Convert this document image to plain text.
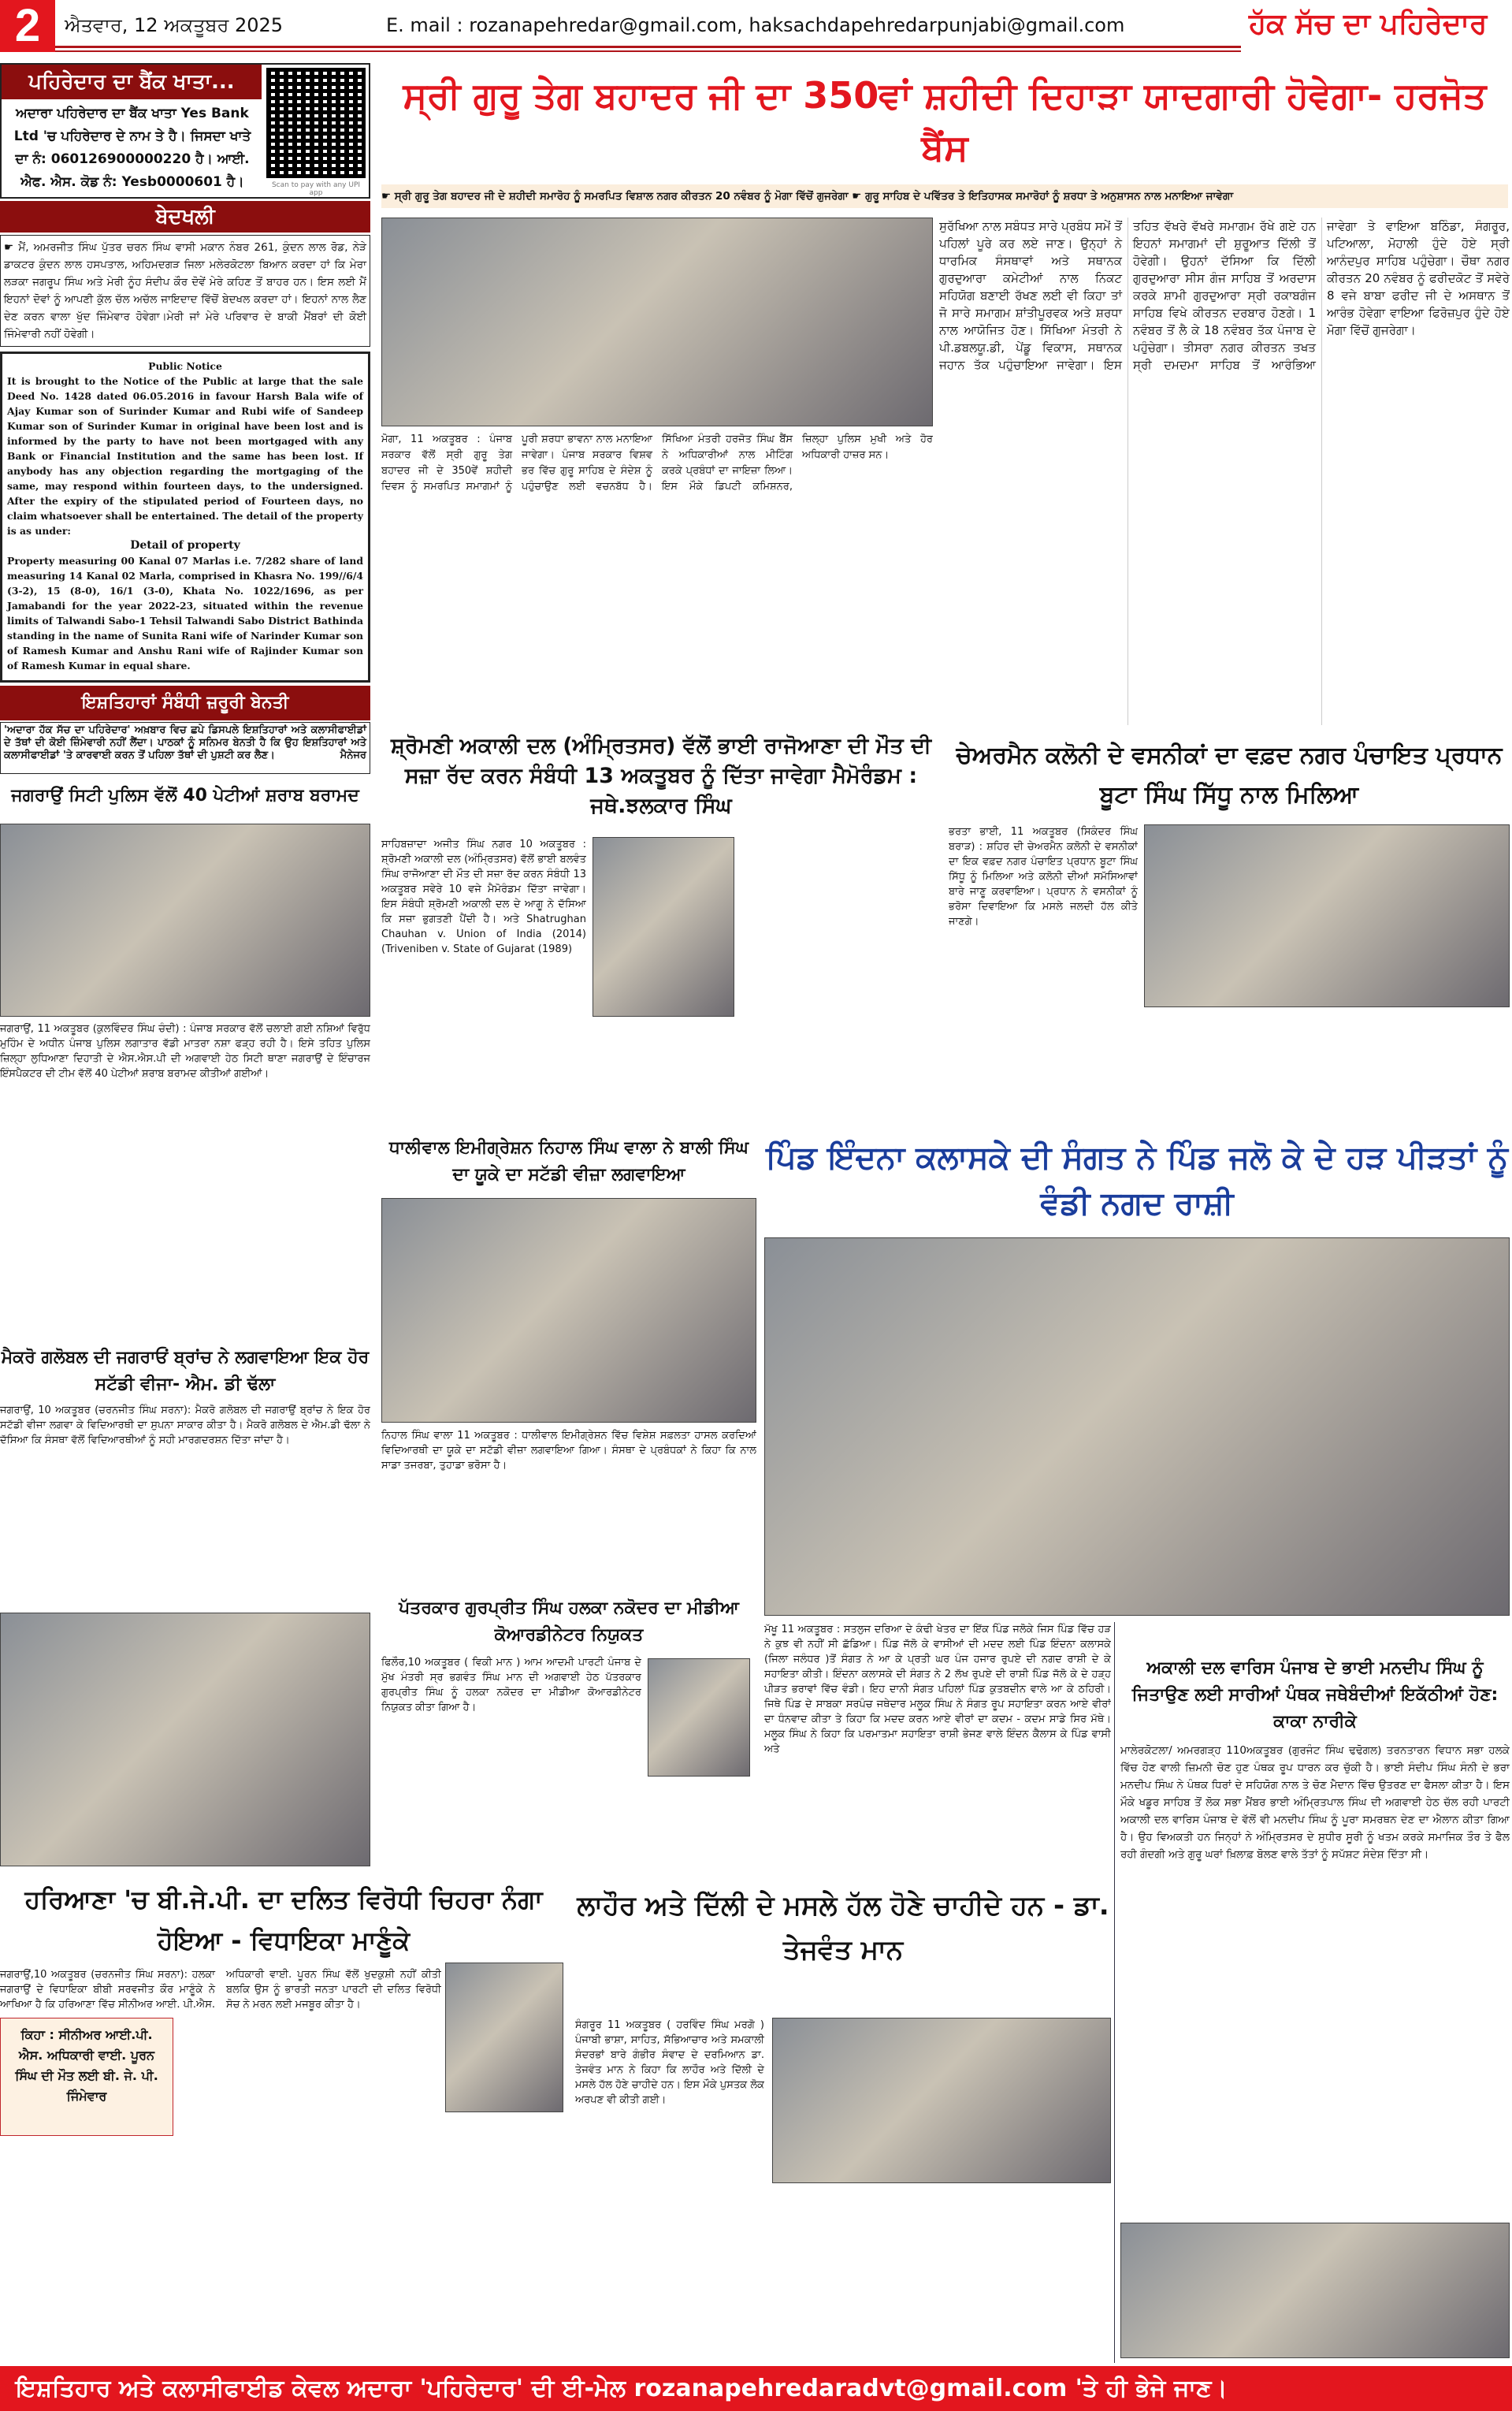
2	ਐਤਵਾਰ, 12 ਅਕਤੂਬਰ 2025	E. mail : rozanapehredar@gmail.com, haksachdapehredarpunjabi@gmail.com	ਹੱਕ ਸੱਚ ਦਾ ਪਹਿਰੇਦਾਰ
ਪਹਿਰੇਦਾਰ ਦਾ ਬੈਂਕ ਖਾਤਾ...
ਅਦਾਰਾ ਪਹਿਰੇਦਾਰ ਦਾ ਬੈਂਕ ਖਾਤਾ Yes Bank Ltd 'ਚ ਪਹਿਰੇਦਾਰ ਦੇ ਨਾਮ ਤੇ ਹੈ। ਜਿਸਦਾ ਖਾਤੇ ਦਾ ਨੰ: 060126900000220 ਹੈ। ਆਈ. ਐਫ. ਐਸ. ਕੋਡ ਨੰ: Yesb0000601 ਹੈ।	Scan to pay with any UPI app
ਬੇਦਖਲੀ
☛ ਮੈਂ, ਅਮਰਜੀਤ ਸਿੰਘ ਪੁੱਤਰ ਚਰਨ ਸਿੰਘ ਵਾਸੀ ਮਕਾਨ ਨੰਬਰ 261, ਕੁੰਦਨ ਲਾਲ ਰੋਡ, ਨੇੜੇ ਡਾਕਟਰ ਕੁੰਦਨ ਲਾਲ ਹਸਪਤਾਲ, ਅਹਿਮਦਗੜ ਜਿਲਾ ਮਲੇਰਕੋਟਲਾ ਬਿਆਨ ਕਰਦਾ ਹਾਂ ਕਿ ਮੇਰਾ ਲੜਕਾ ਜਗਰੂਪ ਸਿੰਘ ਅਤੇ ਮੇਰੀ ਨੂੰਹ ਸੰਦੀਪ ਕੌਰ ਦੋਵੇਂ ਮੇਰੇ ਕਹਿਣ ਤੋਂ ਬਾਹਰ ਹਨ। ਇਸ ਲਈ ਮੈਂ ਇਹਨਾਂ ਦੋਵਾਂ ਨੂੰ ਆਪਣੀ ਕੁੱਲ ਚੱਲ ਅਚੱਲ ਜਾਇਦਾਦ ਵਿੱਚੋਂ ਬੇਦਖਲ ਕਰਦਾ ਹਾਂ। ਇਹਨਾਂ ਨਾਲ ਲੈਣ ਦੇਣ ਕਰਨ ਵਾਲਾ ਖੁੱਦ ਜਿੰਮੇਵਾਰ ਹੋਵੇਗਾ।ਮੇਰੀ ਜਾਂ ਮੇਰੇ ਪਰਿਵਾਰ ਦੇ ਬਾਕੀ ਮੈਂਬਰਾਂ ਦੀ ਕੋਈ ਜਿੰਮੇਵਾਰੀ ਨਹੀਂ ਹੋਵੇਗੀ।
Public Notice
It is brought to the Notice of the Public at large that the sale Deed No. 1428 dated 06.05.2016 in favour Harsh Bala wife of Ajay Kumar son of Surinder Kumar and Rubi wife of Sandeep Kumar son of Surinder Kumar in original have been lost and is informed by the party to have not been mortgaged with any Bank or Financial Institution and the same has been lost. If anybody has any objection regarding the mortgaging of the same, may respond within fourteen days, to the undersigned. After the expiry of the stipulated period of Fourteen days, no claim whatsoever shall be entertained. The detail of the property is as under:
Detail of property
Property measuring 00 Kanal 07 Marlas i.e. 7/282 share of land measuring 14 Kanal 02 Marla, comprised in Khasra No. 199//6/4 (3-2), 15 (8-0), 16/1 (3-0), Khata No. 1022/1696, as per Jamabandi for the year 2022-23, situated within the revenue limits of Talwandi Sabo-1 Tehsil Talwandi Sabo District Bathinda standing in the name of Sunita Rani wife of Narinder Kumar son of Ramesh Kumar and Anshu Rani wife of Rajinder Kumar son of Ramesh Kumar in equal share.
ਇਸ਼ਤਿਹਾਰਾਂ ਸੰਬੰਧੀ ਜ਼ਰੂਰੀ ਬੇਨਤੀ
'ਅਦਾਰਾ ਹੱਕ ਸੱਚ ਦਾ ਪਹਿਰੇਦਾਰ' ਅਖ਼ਬਾਰ ਵਿਚ ਛਪੇ ਡਿਸਪਲੇ ਇਸ਼ਤਿਹਾਰਾਂ ਅਤੇ ਕਲਾਸੀਫਾਈਡਾਂ ਦੇ ਤੱਥਾਂ ਦੀ ਕੋਈ ਜ਼ਿੰਮੇਵਾਰੀ ਨਹੀਂ ਲੈਂਦਾ। ਪਾਠਕਾਂ ਨੂੰ ਸਨਿਮਰ ਬੇਨਤੀ ਹੈ ਕਿ ਉਹ ਇਸ਼ਤਿਹਾਰਾਂ ਅਤੇ ਕਲਾਸੀਫਾਈਡਾਂ 'ਤੇ ਕਾਰਵਾਈ ਕਰਨ ਤੋਂ ਪਹਿਲਾ ਤੱਥਾਂ ਦੀ ਪੁਸ਼ਟੀ ਕਰ ਲੈਣ।	ਮੈਨੇਜਰ
ਜਗਰਾਉਂ ਸਿਟੀ ਪੁਲਿਸ ਵੱਲੋਂ 40 ਪੇਟੀਆਂ ਸ਼ਰਾਬ ਬਰਾਮਦ
ਜਗਰਾਉਂ, 11 ਅਕਤੂਬਰ (ਕੁਲਵਿੰਦਰ ਸਿੰਘ ਚੰਦੀ) : ਪੰਜਾਬ ਸਰਕਾਰ ਵੱਲੋਂ ਚਲਾਈ ਗਈ ਨਸ਼ਿਆਂ ਵਿਰੁੱਧ ਮੁਹਿੰਮ ਦੇ ਅਧੀਨ ਪੰਜਾਬ ਪੁਲਿਸ ਲਗਾਤਾਰ ਵੱਡੀ ਮਾਤਰਾ ਨਸ਼ਾ ਫੜ੍ਹ ਰਹੀ ਹੈ। ਇਸੇ ਤਹਿਤ ਪੁਲਿਸ ਜ਼ਿਲ੍ਹਾ ਲੁਧਿਆਣਾ ਦਿਹਾਤੀ ਦੇ ਐਸ.ਐਸ.ਪੀ ਦੀ ਅਗਵਾਈ ਹੇਠ ਸਿਟੀ ਥਾਣਾ ਜਗਰਾਉਂ ਦੇ ਇੰਚਾਰਜ ਇੰਸਪੈਕਟਰ ਦੀ ਟੀਮ ਵੱਲੋਂ 40 ਪੇਟੀਆਂ ਸ਼ਰਾਬ ਬਰਾਮਦ ਕੀਤੀਆਂ ਗਈਆਂ।
ਮੈਕਰੋ ਗਲੋਬਲ ਦੀ ਜਗਰਾਓਂ ਬ੍ਰਾਂਚ ਨੇ ਲਗਵਾਇਆ ਇਕ ਹੋਰ ਸਟੱਡੀ ਵੀਜਾ- ਐਮ. ਡੀ ਢੱਲਾ
ਜਗਰਾਉਂ, 10 ਅਕਤੂਬਰ (ਚਰਨਜੀਤ ਸਿੰਘ ਸਰਨਾ): ਮੈਕਰੋ ਗਲੋਬਲ ਦੀ ਜਗਰਾਉਂ ਬ੍ਰਾਂਚ ਨੇ ਇਕ ਹੋਰ ਸਟੱਡੀ ਵੀਜਾ ਲਗਵਾ ਕੇ ਵਿਦਿਆਰਥੀ ਦਾ ਸੁਪਨਾ ਸਾਕਾਰ ਕੀਤਾ ਹੈ। ਮੈਕਰੋ ਗਲੋਬਲ ਦੇ ਐਮ.ਡੀ ਢੱਲਾ ਨੇ ਦੱਸਿਆ ਕਿ ਸੰਸਥਾ ਵੱਲੋਂ ਵਿਦਿਆਰਥੀਆਂ ਨੂੰ ਸਹੀ ਮਾਰਗਦਰਸ਼ਨ ਦਿੱਤਾ ਜਾਂਦਾ ਹੈ।
ਸ੍ਰੀ ਗੁਰੂ ਤੇਗ ਬਹਾਦਰ ਜੀ ਦਾ 350ਵਾਂ ਸ਼ਹੀਦੀ ਦਿਹਾੜਾ ਯਾਦਗਾਰੀ ਹੋਵੇਗਾ- ਹਰਜੋਤ ਬੈਂਸ
☛ ਸ੍ਰੀ ਗੁਰੂ ਤੇਗ ਬਹਾਦਰ ਜੀ ਦੇ ਸ਼ਹੀਦੀ ਸਮਾਰੋਹ ਨੂੰ ਸਮਰਪਿਤ ਵਿਸ਼ਾਲ ਨਗਰ ਕੀਰਤਨ 20 ਨਵੰਬਰ ਨੂੰ ਮੋਗਾ ਵਿੱਚੋਂ ਗੁਜਰੇਗਾ ☛ ਗੁਰੂ ਸਾਹਿਬ ਦੇ ਪਵਿੱਤਰ ਤੇ ਇਤਿਹਾਸਕ ਸਮਾਰੋਹਾਂ ਨੂੰ ਸ਼ਰਧਾ ਤੇ ਅਨੁਸ਼ਾਸਨ ਨਾਲ ਮਨਾਇਆ ਜਾਵੇਗਾ
ਮੋਗਾ, 11 ਅਕਤੂਬਰ : ਪੰਜਾਬ ਸਰਕਾਰ ਵੱਲੋਂ ਸ੍ਰੀ ਗੁਰੂ ਤੇਗ ਬਹਾਦਰ ਜੀ ਦੇ 350ਵੇਂ ਸ਼ਹੀਦੀ ਦਿਵਸ ਨੂੰ ਸਮਰਪਿਤ ਸਮਾਗਮਾਂ ਨੂੰ ਪੂਰੀ ਸ਼ਰਧਾ ਭਾਵਨਾ ਨਾਲ ਮਨਾਇਆ ਜਾਵੇਗਾ। ਪੰਜਾਬ ਸਰਕਾਰ ਵਿਸ਼ਵ ਭਰ ਵਿੱਚ ਗੁਰੂ ਸਾਹਿਬ ਦੇ ਸੰਦੇਸ਼ ਨੂੰ ਪਹੁੰਚਾਉਣ ਲਈ ਵਚਨਬੱਧ ਹੈ। ਸਿੱਖਿਆ ਮੰਤਰੀ ਹਰਜੋਤ ਸਿੰਘ ਬੈਂਸ ਨੇ ਅਧਿਕਾਰੀਆਂ ਨਾਲ ਮੀਟਿੰਗ ਕਰਕੇ ਪ੍ਰਬੰਧਾਂ ਦਾ ਜਾਇਜ਼ਾ ਲਿਆ। ਇਸ ਮੌਕੇ ਡਿਪਟੀ ਕਮਿਸ਼ਨਰ, ਜ਼ਿਲ੍ਹਾ ਪੁਲਿਸ ਮੁਖੀ ਅਤੇ ਹੋਰ ਅਧਿਕਾਰੀ ਹਾਜ਼ਰ ਸਨ।
ਸੁਰੱਖਿਆ ਨਾਲ ਸਬੰਧਤ ਸਾਰੇ ਪ੍ਰਬੰਧ ਸਮੇਂ ਤੋਂ ਪਹਿਲਾਂ ਪੂਰੇ ਕਰ ਲਏ ਜਾਣ। ਉਨ੍ਹਾਂ ਨੇ ਧਾਰਮਿਕ ਸੰਸਥਾਵਾਂ ਅਤੇ ਸਥਾਨਕ ਗੁਰਦੁਆਰਾ ਕਮੇਟੀਆਂ ਨਾਲ ਨਿਕਟ ਸਹਿਯੋਗ ਬਣਾਈ ਰੱਖਣ ਲਈ ਵੀ ਕਿਹਾ ਤਾਂ ਜੋ ਸਾਰੇ ਸਮਾਗਮ ਸ਼ਾਂਤੀਪੂਰਵਕ ਅਤੇ ਸ਼ਰਧਾ ਨਾਲ ਆਯੋਜਿਤ ਹੋਣ। ਸਿੱਖਿਆ ਮੰਤਰੀ ਨੇ ਪੀ.ਡਬਲਯੂ.ਡੀ, ਪੇਂਡੂ ਵਿਕਾਸ, ਸਥਾਨਕ ਜਹਾਨ ਤੱਕ ਪਹੁੰਚਾਇਆ ਜਾਵੇਗਾ। ਇਸ ਤਹਿਤ ਵੱਖਰੇ ਵੱਖਰੇ ਸਮਾਗਮ ਰੱਖੇ ਗਏ ਹਨ ਇਹਨਾਂ ਸਮਾਗਮਾਂ ਦੀ ਸ਼ੁਰੂਆਤ ਦਿੱਲੀ ਤੋਂ ਹੋਵੇਗੀ। ਉਹਨਾਂ ਦੱਸਿਆ ਕਿ ਦਿੱਲੀ ਗੁਰਦੁਆਰਾ ਸੀਸ ਗੰਜ ਸਾਹਿਬ ਤੋਂ ਅਰਦਾਸ ਕਰਕੇ ਸ਼ਾਮੀ ਗੁਰਦੁਆਰਾ ਸ੍ਰੀ ਰਕਾਬਗੰਜ ਸਾਹਿਬ ਵਿਖੇ ਕੀਰਤਨ ਦਰਬਾਰ ਹੋਣਗੇ। 1 ਨਵੰਬਰ ਤੋਂ ਲੈ ਕੇ 18 ਨਵੰਬਰ ਤੱਕ ਪੰਜਾਬ ਦੇ ਪਹੁੰਚੇਗਾ। ਤੀਸਰਾ ਨਗਰ ਕੀਰਤਨ ਤਖਤ ਸ੍ਰੀ ਦਮਦਮਾ ਸਾਹਿਬ ਤੋਂ ਆਰੰਭਿਆ ਜਾਵੇਗਾ ਤੇ ਵਾਇਆ ਬਠਿੰਡਾ, ਸੰਗਰੂਰ, ਪਟਿਆਲਾ, ਮੋਹਾਲੀ ਹੁੰਦੇ ਹੋਏ ਸ੍ਰੀ ਆਨੰਦਪੁਰ ਸਾਹਿਬ ਪਹੁੰਚੇਗਾ। ਚੌਥਾ ਨਗਰ ਕੀਰਤਨ 20 ਨਵੰਬਰ ਨੂੰ ਫਰੀਦਕੋਟ ਤੋਂ ਸਵੇਰੇ 8 ਵਜੇ ਬਾਬਾ ਫਰੀਦ ਜੀ ਦੇ ਅਸਥਾਨ ਤੋਂ ਆਰੰਭ ਹੋਵੇਗਾ ਵਾਇਆ ਫਿਰੋਜ਼ਪੁਰ ਹੁੰਦੇ ਹੋਏ ਮੋਗਾ ਵਿੱਚੋਂ ਗੁਜਰੇਗਾ।
ਸ਼੍ਰੋਮਣੀ ਅਕਾਲੀ ਦਲ (ਅੰਮ੍ਰਿਤਸਰ) ਵੱਲੋਂ ਭਾਈ ਰਾਜੋਆਣਾ ਦੀ ਮੌਤ ਦੀ ਸਜ਼ਾ ਰੱਦ ਕਰਨ ਸੰਬੰਧੀ 13 ਅਕਤੂਬਰ ਨੂੰ ਦਿੱਤਾ ਜਾਵੇਗਾ ਮੈਮੋਰੰਡਮ : ਜਥੇ.ਝਲਕਾਰ ਸਿੰਘ
ਚੇਅਰਮੈਨ ਕਲੋਨੀ ਦੇ ਵਸਨੀਕਾਂ ਦਾ ਵਫ਼ਦ ਨਗਰ ਪੰਚਾਇਤ ਪ੍ਰਧਾਨ ਬੂਟਾ ਸਿੰਘ ਸਿੱਧੂ ਨਾਲ ਮਿਲਿਆ
ਸਾਹਿਬਜ਼ਾਦਾ ਅਜੀਤ ਸਿੰਘ ਨਗਰ 10 ਅਕਤੂਬਰ : ਸ਼੍ਰੋਮਣੀ ਅਕਾਲੀ ਦਲ (ਅੰਮ੍ਰਿਤਸਰ) ਵੱਲੋਂ ਭਾਈ ਬਲਵੰਤ ਸਿੰਘ ਰਾਜੋਆਣਾ ਦੀ ਮੌਤ ਦੀ ਸਜ਼ਾ ਰੱਦ ਕਰਨ ਸੰਬੰਧੀ 13 ਅਕਤੂਬਰ ਸਵੇਰੇ 10 ਵਜੇ ਮੈਮੋਰੰਡਮ ਦਿੱਤਾ ਜਾਵੇਗਾ। ਇਸ ਸੰਬੰਧੀ ਸ਼੍ਰੋਮਣੀ ਅਕਾਲੀ ਦਲ ਦੇ ਆਗੂ ਨੇ ਦੱਸਿਆ ਕਿ ਸਜ਼ਾ ਭੁਗਤਣੀ ਪੈਂਦੀ ਹੈ। ਅਤੇ Shatrughan Chauhan v. Union of India (2014) (Triveniben v. State of Gujarat (1989)
ਭਰਤਾ ਭਾਈ, 11 ਅਕਤੂਬਰ (ਸਿਕੰਦਰ ਸਿੰਘ ਬਰਾੜ) : ਸ਼ਹਿਰ ਦੀ ਚੇਅਰਮੈਨ ਕਲੋਨੀ ਦੇ ਵਸਨੀਕਾਂ ਦਾ ਇਕ ਵਫ਼ਦ ਨਗਰ ਪੰਚਾਇਤ ਪ੍ਰਧਾਨ ਬੂਟਾ ਸਿੰਘ ਸਿੱਧੂ ਨੂੰ ਮਿਲਿਆ ਅਤੇ ਕਲੋਨੀ ਦੀਆਂ ਸਮੱਸਿਆਵਾਂ ਬਾਰੇ ਜਾਣੂ ਕਰਵਾਇਆ। ਪ੍ਰਧਾਨ ਨੇ ਵਸਨੀਕਾਂ ਨੂੰ ਭਰੋਸਾ ਦਿਵਾਇਆ ਕਿ ਮਸਲੇ ਜਲਦੀ ਹੱਲ ਕੀਤੇ ਜਾਣਗੇ।
ਧਾਲੀਵਾਲ ਇਮੀਗ੍ਰੇਸ਼ਨ ਨਿਹਾਲ ਸਿੰਘ ਵਾਲਾ ਨੇ ਬਾਲੀ ਸਿੰਘ ਦਾ ਯੂਕੇ ਦਾ ਸਟੱਡੀ ਵੀਜ਼ਾ ਲਗਵਾਇਆ
ਨਿਹਾਲ ਸਿੰਘ ਵਾਲਾ 11 ਅਕਤੂਬਰ : ਧਾਲੀਵਾਲ ਇਮੀਗ੍ਰੇਸ਼ਨ ਵਿੱਚ ਵਿਸ਼ੇਸ਼ ਸਫ਼ਲਤਾ ਹਾਸਲ ਕਰਦਿਆਂ ਵਿਦਿਆਰਥੀ ਦਾ ਯੂਕੇ ਦਾ ਸਟੱਡੀ ਵੀਜ਼ਾ ਲਗਵਾਇਆ ਗਿਆ। ਸੰਸਥਾ ਦੇ ਪ੍ਰਬੰਧਕਾਂ ਨੇ ਕਿਹਾ ਕਿ ਨਾਲ ਸਾਡਾ ਤਜਰਬਾ, ਤੁਹਾਡਾ ਭਰੋਸਾ ਹੈ।
ਪੱਤਰਕਾਰ ਗੁਰਪ੍ਰੀਤ ਸਿੰਘ ਹਲਕਾ ਨਕੋਦਰ ਦਾ ਮੀਡੀਆ ਕੋਆਰਡੀਨੇਟਰ ਨਿਯੁਕਤ
ਫਿਲੌਰ,10 ਅਕਤੂਬਰ ( ਵਿਕੀ ਮਾਨ ) ਆਮ ਆਦਮੀ ਪਾਰਟੀ ਪੰਜਾਬ ਦੇ ਮੁੱਖ ਮੰਤਰੀ ਸ੍ਰ ਭਗਵੰਤ ਸਿੰਘ ਮਾਨ ਦੀ ਅਗਵਾਈ ਹੇਠ ਪੱਤਰਕਾਰ ਗੁਰਪ੍ਰੀਤ ਸਿੰਘ ਨੂੰ ਹਲਕਾ ਨਕੋਦਰ ਦਾ ਮੀਡੀਆ ਕੋਆਰਡੀਨੇਟਰ ਨਿਯੁਕਤ ਕੀਤਾ ਗਿਆ ਹੈ।
ਪਿੰਡ ਇੰਦਨਾ ਕਲਾਸਕੇ ਦੀ ਸੰਗਤ ਨੇ ਪਿੰਡ ਜਲੋ ਕੇ ਦੇ ਹੜ ਪੀੜਤਾਂ ਨੂੰ ਵੰਡੀ ਨਗਦ ਰਾਸ਼ੀ
ਮੱਖੂ 11 ਅਕਤੂਬਰ : ਸਤਲੁਜ ਦਰਿਆ ਦੇ ਕੰਢੀ ਖੇਤਰ ਦਾ ਇੱਕ ਪਿੰਡ ਜਲੋਕੇ ਜਿਸ ਪਿੰਡ ਵਿੱਚ ਹੜ ਨੇ ਕੁਝ ਵੀ ਨਹੀਂ ਸੀ ਛੱਡਿਆ। ਪਿੰਡ ਜੱਲੋ ਕੇ ਵਾਸੀਆਂ ਦੀ ਮਦਦ ਲਈ ਪਿੰਡ ਇੰਦਨਾ ਕਲਾਸਕੇ (ਜਿਲਾ ਜਲੰਧਰ )ਤੋਂ ਸੰਗਤ ਨੇ ਆ ਕੇ ਪ੍ਰਤੀ ਘਰ ਪੰਜ ਹਜਾਰ ਰੁਪਏ ਦੀ ਨਗਦ ਰਾਸ਼ੀ ਦੇ ਕੇ ਸਹਾਇਤਾ ਕੀਤੀ। ਇੰਦਨਾ ਕਲਾਸਕੇ ਦੀ ਸੰਗਤ ਨੇ 2 ਲੱਖ ਰੁਪਏ ਦੀ ਰਾਸ਼ੀ ਪਿੰਡ ਜੱਲੋ ਕੇ ਦੇ ਹੜ੍ਹ ਪੀੜਤ ਭਰਾਵਾਂ ਵਿੱਚ ਵੰਡੀ। ਇਹ ਦਾਨੀ ਸੰਗਤ ਪਹਿਲਾਂ ਪਿੰਡ ਕੁਤਬਦੀਨ ਵਾਲੇ ਆ ਕੇ ਠਹਿਰੀ। ਜਿਥੇ ਪਿੰਡ ਦੇ ਸਾਬਕਾ ਸਰਪੰਚ ਜਥੇਦਾਰ ਮਲੂਕ ਸਿੰਘ ਨੇ ਸੰਗਤ ਰੂਪ ਸਹਾਇਤਾ ਕਰਨ ਆਏ ਵੀਰਾਂ ਦਾ ਧੰਨਵਾਦ ਕੀਤਾ ਤੇ ਕਿਹਾ ਕਿ ਮਦਦ ਕਰਨ ਆਏ ਵੀਰਾਂ ਦਾ ਕਦਮ - ਕਦਮ ਸਾਡੇ ਸਿਰ ਮੱਥੇ। ਮਲੂਕ ਸਿੰਘ ਨੇ ਕਿਹਾ ਕਿ ਪਰਮਾਤਮਾ ਸਹਾਇਤਾ ਰਾਸ਼ੀ ਭੇਜਣ ਵਾਲੇ ਇੰਦਨ ਕੈਲਾਸ ਕੇ ਪਿੰਡ ਵਾਸੀ ਅਤੇ
ਅਕਾਲੀ ਦਲ ਵਾਰਿਸ ਪੰਜਾਬ ਦੇ ਭਾਈ ਮਨਦੀਪ ਸਿੰਘ ਨੂੰ ਜਿਤਾਉਣ ਲਈ ਸਾਰੀਆਂ ਪੰਥਕ ਜਥੇਬੰਦੀਆਂ ਇਕੱਠੀਆਂ ਹੋਣ: ਕਾਕਾ ਨਾਰੀਕੇ
ਮਾਲੇਰਕੋਟਲਾ/ ਅਮਰਗੜ੍ਹ 110ਅਕਤੂਬਰ (ਗੁਰਜੰਟ ਸਿੰਘ ਢਢੋਗਲ) ਤਰਨਤਾਰਨ ਵਿਧਾਨ ਸਭਾ ਹਲਕੇ ਵਿੱਚ ਹੋਣ ਵਾਲੀ ਜ਼ਿਮਨੀ ਚੋਣ ਹੁਣ ਪੰਥਕ ਰੂਪ ਧਾਰਨ ਕਰ ਚੁੱਕੀ ਹੈ। ਭਾਈ ਸੰਦੀਪ ਸਿੰਘ ਸੰਨੀ ਦੇ ਭਰਾ ਮਨਦੀਪ ਸਿੰਘ ਨੇ ਪੰਥਕ ਧਿਰਾਂ ਦੇ ਸਹਿਯੋਗ ਨਾਲ ਤੇ ਚੋਣ ਮੈਦਾਨ ਵਿੱਚ ਉਤਰਣ ਦਾ ਫੈਸਲਾ ਕੀਤਾ ਹੈ। ਇਸ ਮੌਕੇ ਖਡੂਰ ਸਾਹਿਬ ਤੋਂ ਲੋਕ ਸਭਾ ਮੈਂਬਰ ਭਾਈ ਅੰਮ੍ਰਿਤਪਾਲ ਸਿੰਘ ਦੀ ਅਗਵਾਈ ਹੇਠ ਚੱਲ ਰਹੀ ਪਾਰਟੀ ਅਕਾਲੀ ਦਲ ਵਾਰਿਸ ਪੰਜਾਬ ਦੇ ਵੱਲੋਂ ਵੀ ਮਨਦੀਪ ਸਿੰਘ ਨੂੰ ਪੂਰਾ ਸਮਰਥਨ ਦੇਣ ਦਾ ਐਲਾਨ ਕੀਤਾ ਗਿਆ ਹੈ। ਉਹ ਵਿਅਕਤੀ ਹਨ ਜਿਨ੍ਹਾਂ ਨੇ ਅੰਮ੍ਰਿਤਸਰ ਦੇ ਸੁਧੀਰ ਸੂਰੀ ਨੂੰ ਖਤਮ ਕਰਕੇ ਸਮਾਜਿਕ ਤੌਰ ਤੇ ਫੈਲ ਰਹੀ ਗੰਦਗੀ ਅਤੇ ਗੁਰੂ ਘਰਾਂ ਖ਼ਿਲਾਫ਼ ਬੋਲਣ ਵਾਲੇ ਤੱਤਾਂ ਨੂੰ ਸਪੱਸ਼ਟ ਸੰਦੇਸ਼ ਦਿੱਤਾ ਸੀ।
ਹਰਿਆਣਾ 'ਚ ਬੀ.ਜੇ.ਪੀ. ਦਾ ਦਲਿਤ ਵਿਰੋਧੀ ਚਿਹਰਾ ਨੰਗਾ ਹੋਇਆ - ਵਿਧਾਇਕਾ ਮਾਣੂੰਕੇ
ਜਗਰਾਉਂ,10 ਅਕਤੂਬਰ (ਚਰਨਜੀਤ ਸਿੰਘ ਸਰਨਾ): ਹਲਕਾ ਜਗਰਾਉਂ ਦੇ ਵਿਧਾਇਕਾ ਬੀਬੀ ਸਰਵਜੀਤ ਕੌਰ ਮਾਣੂੰਕੇ ਨੇ ਆਖਿਆ ਹੈ ਕਿ ਹਰਿਆਣਾ ਵਿੱਚ ਸੀਨੀਅਰ ਆਈ. ਪੀ.ਐਸ. ਅਧਿਕਾਰੀ ਵਾਈ. ਪੂਰਨ ਸਿੰਘ ਵੱਲੋਂ ਖੁਦਕੁਸ਼ੀ ਨਹੀਂ ਕੀਤੀ ਬਲਕਿ ਉਸ ਨੂੰ ਭਾਰਤੀ ਜਨਤਾ ਪਾਰਟੀ ਦੀ ਦਲਿਤ ਵਿਰੋਧੀ ਸੋਚ ਨੇ ਮਰਨ ਲਈ ਮਜਬੂਰ ਕੀਤਾ ਹੈ।
ਕਿਹਾ : ਸੀਨੀਅਰ ਆਈ.ਪੀ. ਐਸ. ਅਧਿਕਾਰੀ ਵਾਈ. ਪੂਰਨ ਸਿੰਘ ਦੀ ਮੌਤ ਲਈ ਬੀ. ਜੇ. ਪੀ. ਜਿੰਮੇਵਾਰ
ਲਾਹੌਰ ਅਤੇ ਦਿੱਲੀ ਦੇ ਮਸਲੇ ਹੱਲ ਹੋਣੇ ਚਾਹੀਦੇ ਹਨ - ਡਾ. ਤੇਜਵੰਤ ਮਾਨ
ਸੰਗਰੂਰ 11 ਅਕਤੂਬਰ ( ਹਰਵਿੰਦ ਸਿੰਘ ਮਰਗੋ ) ਪੰਜਾਬੀ ਭਾਸ਼ਾ, ਸਾਹਿਤ, ਸੱਭਿਆਚਾਰ ਅਤੇ ਸਮਕਾਲੀ ਸੰਦਰਭਾਂ ਬਾਰੇ ਗੰਭੀਰ ਸੰਵਾਦ ਦੇ ਦਰਮਿਆਨ ਡਾ. ਤੇਜਵੰਤ ਮਾਨ ਨੇ ਕਿਹਾ ਕਿ ਲਾਹੌਰ ਅਤੇ ਦਿੱਲੀ ਦੇ ਮਸਲੇ ਹੱਲ ਹੋਣੇ ਚਾਹੀਦੇ ਹਨ। ਇਸ ਮੌਕੇ ਪੁਸਤਕ ਲੋਕ ਅਰਪਣ ਵੀ ਕੀਤੀ ਗਈ।
ਇਸ਼ਤਿਹਾਰ ਅਤੇ ਕਲਾਸੀਫਾਈਡ ਕੇਵਲ ਅਦਾਰਾ 'ਪਹਿਰੇਦਾਰ' ਦੀ ਈ-ਮੇਲ rozanapehredaradvt@gmail.com 'ਤੇ ਹੀ ਭੇਜੇ ਜਾਣ।
